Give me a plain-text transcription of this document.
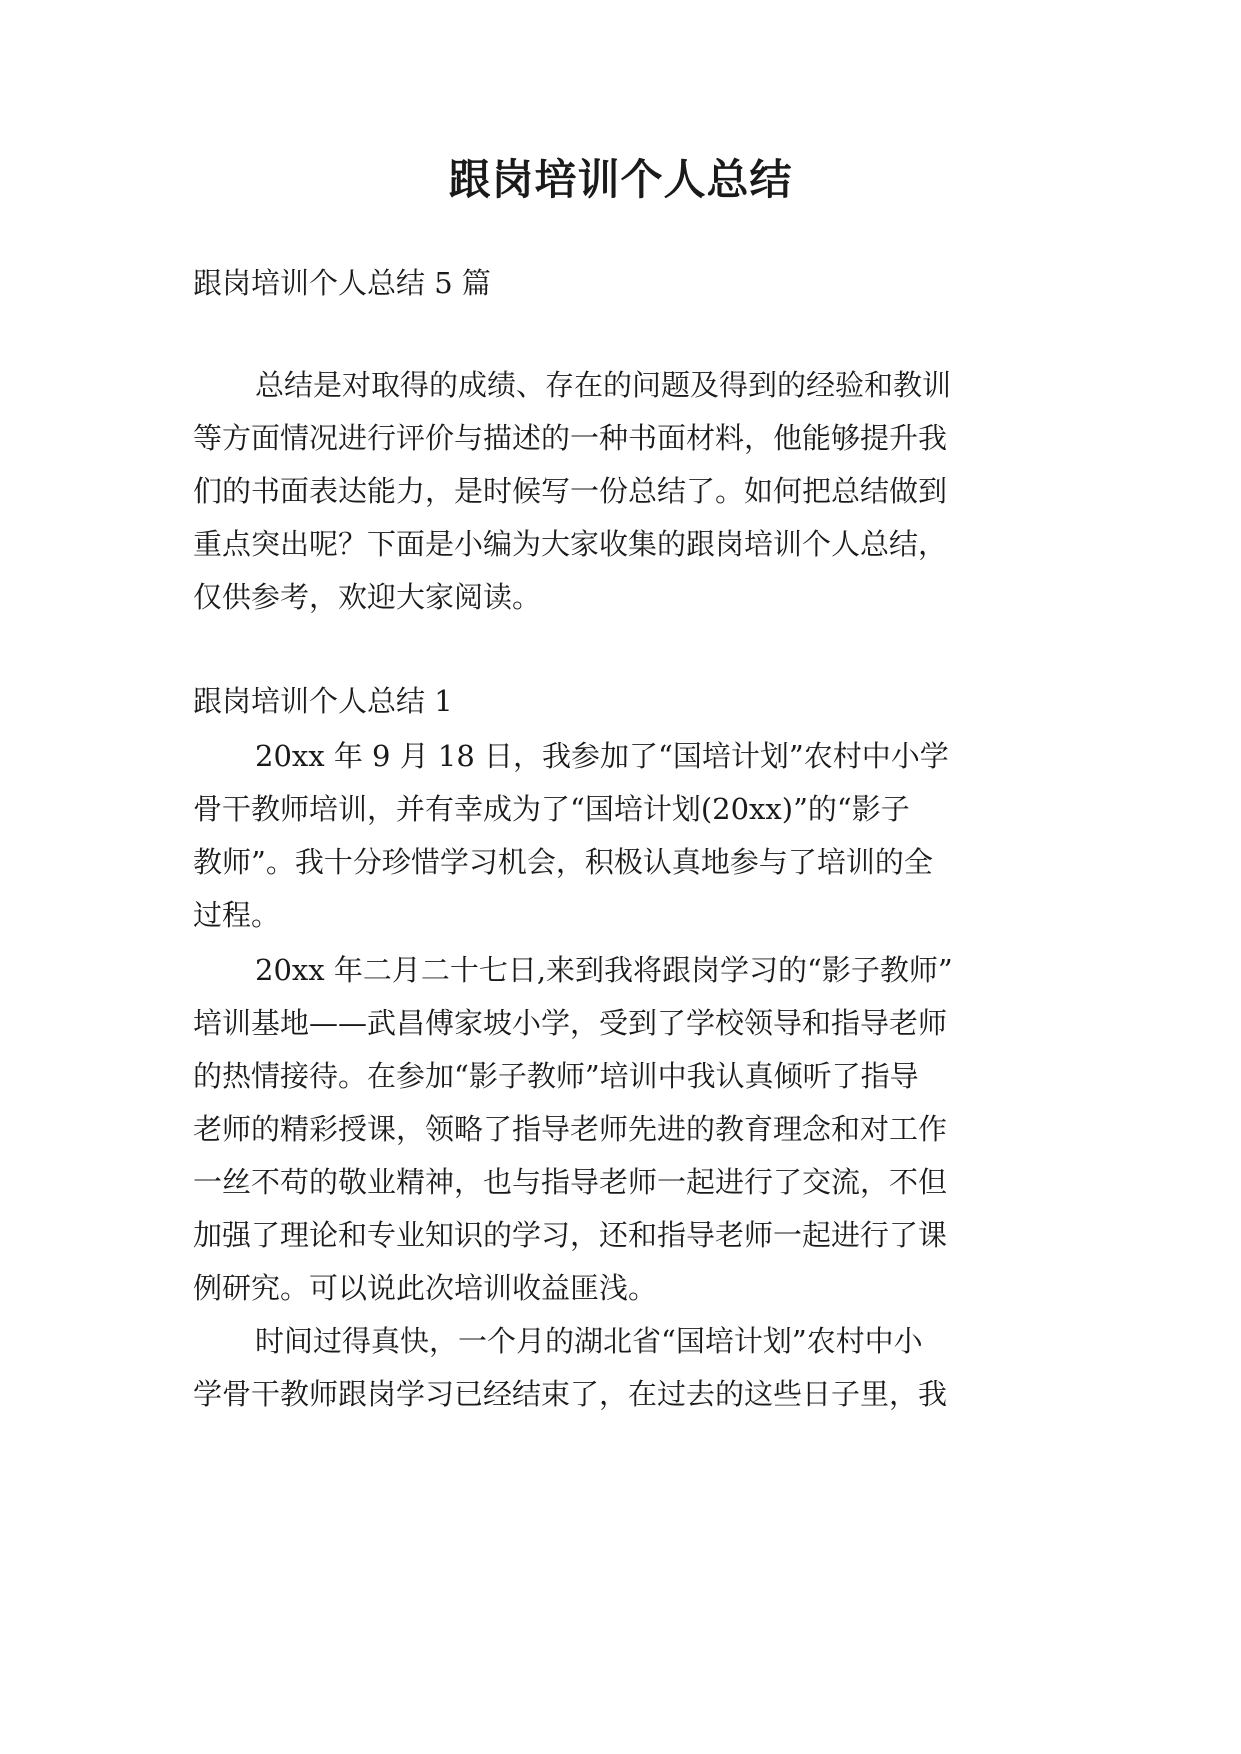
跟岗培训个人总结

跟岗培训个人总结 5 篇

总结是对取得的成绩、存在的问题及得到的经验和教训

等方面情况进行评价与描述的一种书面材料，他能够提升我

们的书面表达能力，是时候写一份总结了。如何把总结做到

重点突出呢？下面是小编为大家收集的跟岗培训个人总结，

仅供参考，欢迎大家阅读。

跟岗培训个人总结 1

20xx 年 9 月 18 日，我参加了“国培计划”农村中小学

骨干教师培训，并有幸成为了“国培计划(20xx)”的“影子

教师”。我十分珍惜学习机会，积极认真地参与了培训的全

过程。

20xx 年二月二十七日,来到我将跟岗学习的“影子教师”

培训基地——武昌傅家坡小学，受到了学校领导和指导老师

的热情接待。在参加“影子教师”培训中我认真倾听了指导

老师的精彩授课，领略了指导老师先进的教育理念和对工作

一丝不苟的敬业精神，也与指导老师一起进行了交流，不但

加强了理论和专业知识的学习，还和指导老师一起进行了课

例研究。可以说此次培训收益匪浅。

时间过得真快，一个月的湖北省“国培计划”农村中小

学骨干教师跟岗学习已经结束了，在过去的这些日子里，我
